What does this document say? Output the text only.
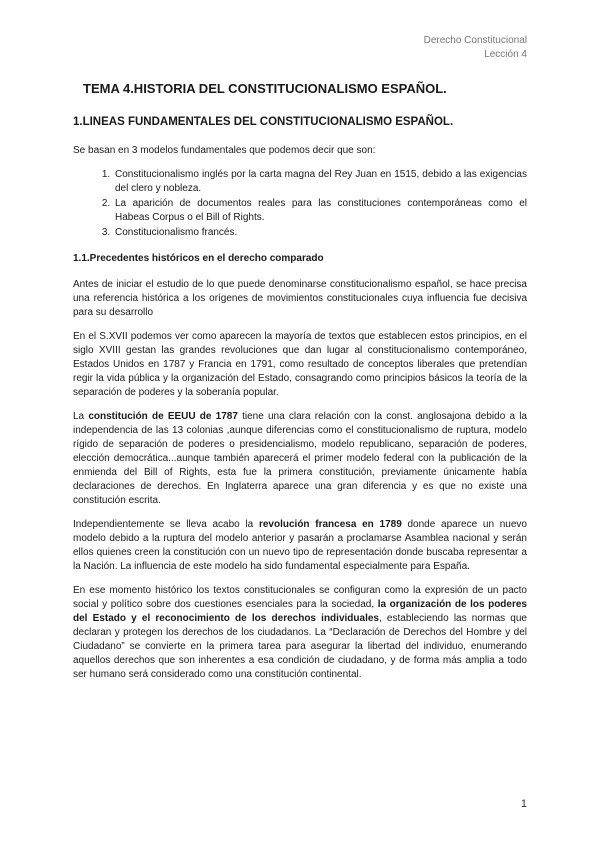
Derecho Constitucional
Lección 4
TEMA 4.HISTORIA DEL CONSTITUCIONALISMO ESPAÑOL.
1.LINEAS FUNDAMENTALES DEL CONSTITUCIONALISMO ESPAÑOL.

Se basan en 3 modelos fundamentales que podemos decir que son:

1. Constitucionalismo inglés por la carta magna del Rey Juan en 1515, debido a las exigencias del clero y nobleza.
2. La aparición de documentos reales para las constituciones contemporáneas como el Habeas Corpus o el Bill of Rights.
3. Constitucionalismo francés.
1.1.Precedentes históricos en el derecho comparado

Antes de iniciar el estudio de lo que puede denominarse constitucionalismo español, se hace precisa una referencia histórica a los orígenes de movimientos constitucionales cuya influencia fue decisiva para su desarrollo

En el S.XVII podemos ver como aparecen la mayoría de textos que establecen estos principios, en el siglo XVIII gestan las grandes revoluciones que dan lugar al constitucionalismo contemporáneo, Estados Unidos en 1787 y Francia en 1791, como resultado de conceptos liberales que pretendían regir la vida pública y la organización del Estado, consagrando como principios básicos la teoría de la separación de poderes y la soberanía popular.

La constitución de EEUU de 1787 tiene una clara relación con la const. anglosajona debido a la independencia de las 13 colonias ,aunque diferencias como el constitucionalismo de ruptura, modelo rígido de separación de poderes o presidencialismo, modelo republicano, separación de poderes, elección democrática...aunque también aparecerá el primer modelo federal con la publicación de la enmienda del Bill of Rights, esta fue la primera constitución, previamente únicamente había declaraciones de derechos. En Inglaterra aparece una gran diferencia y es que no existe una constitución escrita.

Independientemente se lleva acabo la revolución francesa en 1789 donde aparece un nuevo modelo debido a la ruptura del modelo anterior y pasarán a proclamarse Asamblea nacional y serán ellos quienes creen la constitución con un nuevo tipo de representación donde buscaba representar a la Nación. La influencia de este modelo ha sido fundamental especialmente para España.

En ese momento histórico los textos constitucionales se configuran como la expresión de un pacto social y político sobre dos cuestiones esenciales para la sociedad, la organización de los poderes del Estado y el reconocimiento de los derechos individuales, estableciendo las normas que declaran y protegen los derechos de los ciudadanos. La “Declaración de Derechos del Hombre y del Ciudadano” se convierte en la primera tarea para asegurar la libertad del individuo, enumerando aquellos derechos que son inherentes a esa condición de ciudadano, y de forma más amplia a todo ser humano será considerado como una constitución continental.

1
